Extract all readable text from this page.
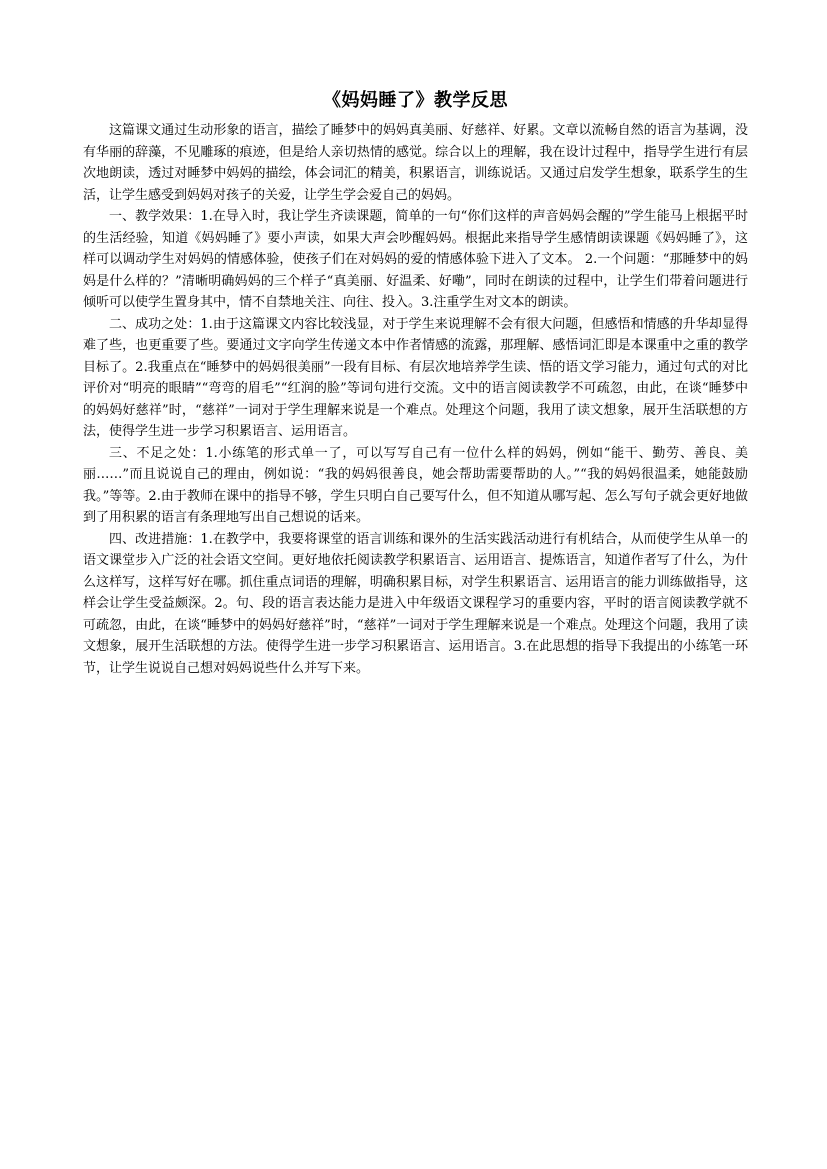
《妈妈睡了》教学反思

这篇课文通过生动形象的语言，描绘了睡梦中的妈妈真美丽、好慈祥、好累。文章以流畅自然的语言为基调，没有华丽的辞藻，不见雕琢的痕迹，但是给人亲切热情的感觉。综合以上的理解，我在设计过程中，指导学生进行有层次地朗读，透过对睡梦中妈妈的描绘，体会词汇的精美，积累语言，训练说话。又通过启发学生想象，联系学生的生活，让学生感受到妈妈对孩子的关爱，让学生学会爱自己的妈妈。

一、教学效果：1.在导入时，我让学生齐读课题，简单的一句“你们这样的声音妈妈会醒的”学生能马上根据平时的生活经验，知道《妈妈睡了》要小声读，如果大声会吵醒妈妈。根据此来指导学生感情朗读课题《妈妈睡了》，这样可以调动学生对妈妈的情感体验，使孩子们在对妈妈的爱的情感体验下进入了文本。 2.一个问题：“那睡梦中的妈妈是什么样的？”清晰明确妈妈的三个样子“真美丽、好温柔、好嘞”，同时在朗读的过程中，让学生们带着问题进行倾听可以使学生置身其中，情不自禁地关注、向往、投入。3.注重学生对文本的朗读。

二、成功之处：1.由于这篇课文内容比较浅显，对于学生来说理解不会有很大问题，但感悟和情感的升华却显得难了些，也更重要了些。要通过文字向学生传递文本中作者情感的流露，那理解、感悟词汇即是本课重中之重的教学目标了。2.我重点在“睡梦中的妈妈很美丽”一段有目标、有层次地培养学生读、悟的语文学习能力，通过句式的对比评价对“明亮的眼睛”“弯弯的眉毛”“红润的脸”等词句进行交流。文中的语言阅读教学不可疏忽，由此，在谈“睡梦中的妈妈好慈祥”时，“慈祥”一词对于学生理解来说是一个难点。处理这个问题，我用了读文想象，展开生活联想的方法，使得学生进一步学习积累语言、运用语言。

三、不足之处：1.小练笔的形式单一了，可以写写自己有一位什么样的妈妈，例如“能干、勤劳、善良、美丽……”而且说说自己的理由，例如说：“我的妈妈很善良，她会帮助需要帮助的人。”“我的妈妈很温柔，她能鼓励我。”等等。2.由于教师在课中的指导不够，学生只明白自己要写什么，但不知道从哪写起、怎么写句子就会更好地做到了用积累的语言有条理地写出自己想说的话来。

四、改进措施：1.在教学中，我要将课堂的语言训练和课外的生活实践活动进行有机结合，从而使学生从单一的语文课堂步入广泛的社会语文空间。更好地依托阅读教学积累语言、运用语言、提炼语言，知道作者写了什么，为什么这样写，这样写好在哪。抓住重点词语的理解，明确积累目标，对学生积累语言、运用语言的能力训练做指导，这样会让学生受益颇深。2。句、段的语言表达能力是进入中年级语文课程学习的重要内容，平时的语言阅读教学就不可疏忽，由此，在谈“睡梦中的妈妈好慈祥”时，“慈祥”一词对于学生理解来说是一个难点。处理这个问题，我用了读文想象，展开生活联想的方法。使得学生进一步学习积累语言、运用语言。3.在此思想的指导下我提出的小练笔一环节，让学生说说自己想对妈妈说些什么并写下来。
